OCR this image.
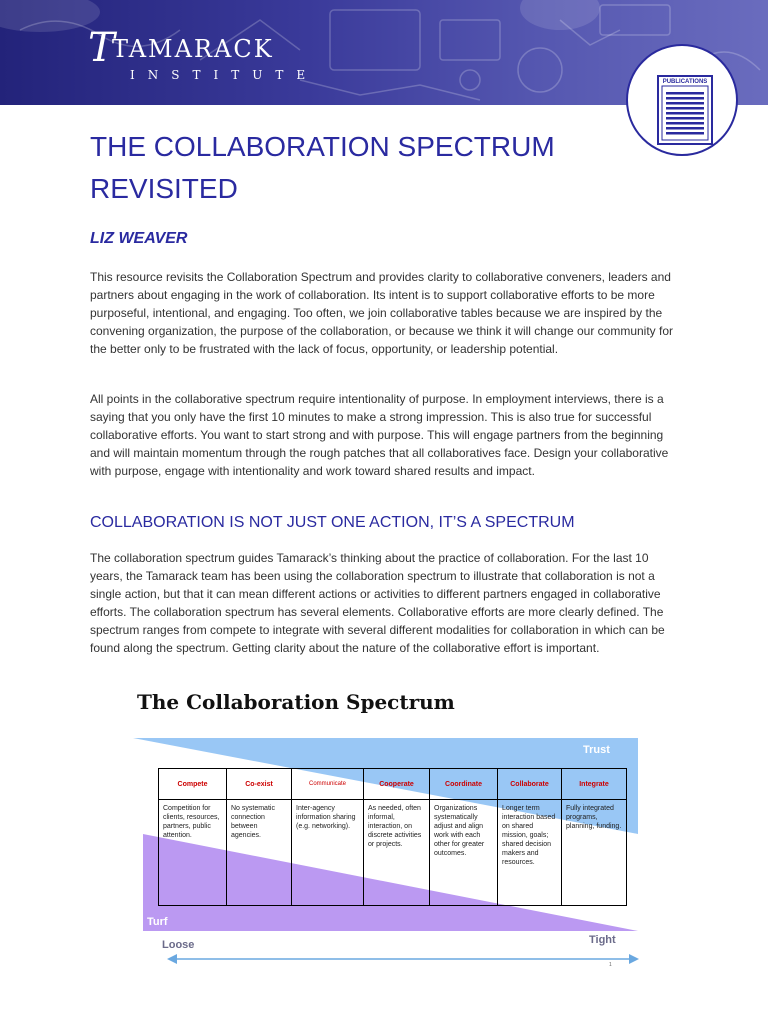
T
TAMARACK
INSTITUTE	PUBLICATIONS
THE COLLABORATION SPECTRUM REVISITED
LIZ WEAVER

This resource revisits the Collaboration Spectrum and provides clarity to collaborative conveners, leaders and partners about engaging in the work of collaboration. Its intent is to support collaborative efforts to be more purposeful, intentional, and engaging. Too often, we join collaborative tables because we are inspired by the convening organization, the purpose of the collaboration, or because we think it will change our community for the better only to be frustrated with the lack of focus, opportunity, or leadership potential.

All points in the collaborative spectrum require intentionality of purpose. In employment interviews, there is a saying that you only have the first 10 minutes to make a strong impression. This is also true for successful collaborative efforts. You want to start strong and with purpose. This will engage partners from the beginning and will maintain momentum through the rough patches that all collaboratives face. Design your collaborative with purpose, engage with intentionality and work toward shared results and impact.

COLLABORATION IS NOT JUST ONE ACTION, IT’S A SPECTRUM

The collaboration spectrum guides Tamarack’s thinking about the practice of collaboration. For the last 10 years, the Tamarack team has been using the collaboration spectrum to illustrate that collaboration is not a single action, but that it can mean different actions or activities to different partners engaged in collaborative efforts. The collaboration spectrum has several elements. Collaborative efforts are more clearly defined. The spectrum ranges from compete to integrate with several different modalities for collaboration in which can be found along the spectrum. Getting clarity about the nature of the collaborative effort is important.

The Collaboration Spectrum
Trust
Turf
Loose	Tight
Compete	Co-exist	Communicate	Cooperate	Coordinate	Collaborate	Integrate
Competition for clients, resources, partners, public attention.	No systematic connection between agencies.	Inter-agency information sharing (e.g. networking).	As needed, often informal, interaction, on discrete activities or projects.	Organizations systematically adjust and align work with each other for greater outcomes.	Longer term interaction based on shared mission, goals; shared decision makers and resources.	Fully integrated programs, planning, funding.
1
